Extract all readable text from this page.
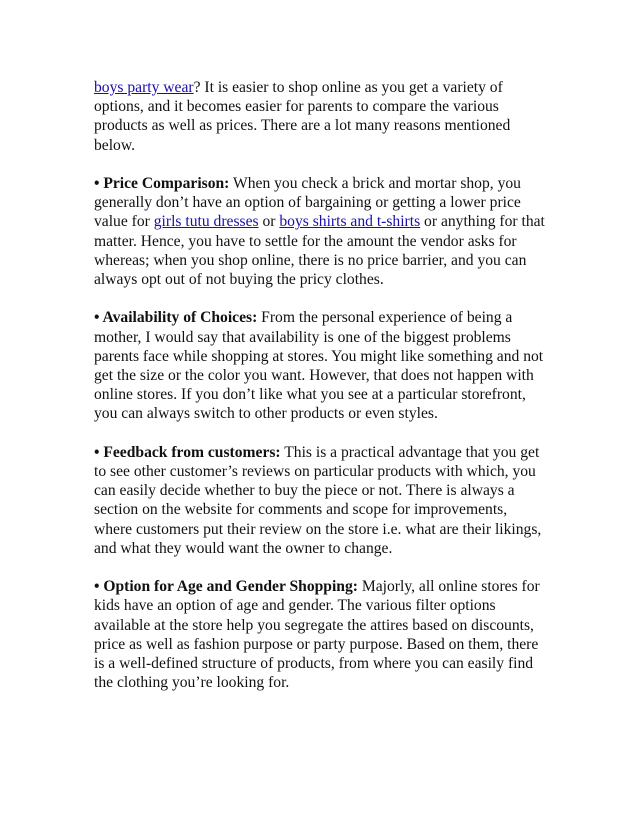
boys party wear? It is easier to shop online as you get a variety of options, and it becomes easier for parents to compare the various products as well as prices. There are a lot many reasons mentioned below.

• Price Comparison: When you check a brick and mortar shop, you generally don’t have an option of bargaining or getting a lower price value for girls tutu dresses or boys shirts and t-shirts or anything for that matter. Hence, you have to settle for the amount the vendor asks for whereas; when you shop online, there is no price barrier, and you can always opt out of not buying the pricy clothes.

• Availability of Choices: From the personal experience of being a mother, I would say that availability is one of the biggest problems parents face while shopping at stores. You might like something and not get the size or the color you want. However, that does not happen with online stores. If you don’t like what you see at a particular storefront, you can always switch to other products or even styles.

• Feedback from customers: This is a practical advantage that you get to see other customer’s reviews on particular products with which, you can easily decide whether to buy the piece or not. There is always a section on the website for comments and scope for improvements, where customers put their review on the store i.e. what are their likings, and what they would want the owner to change.

• Option for Age and Gender Shopping: Majorly, all online stores for kids have an option of age and gender. The various filter options available at the store help you segregate the attires based on discounts, price as well as fashion purpose or party purpose. Based on them, there is a well-defined structure of products, from where you can easily find the clothing you’re looking for.
